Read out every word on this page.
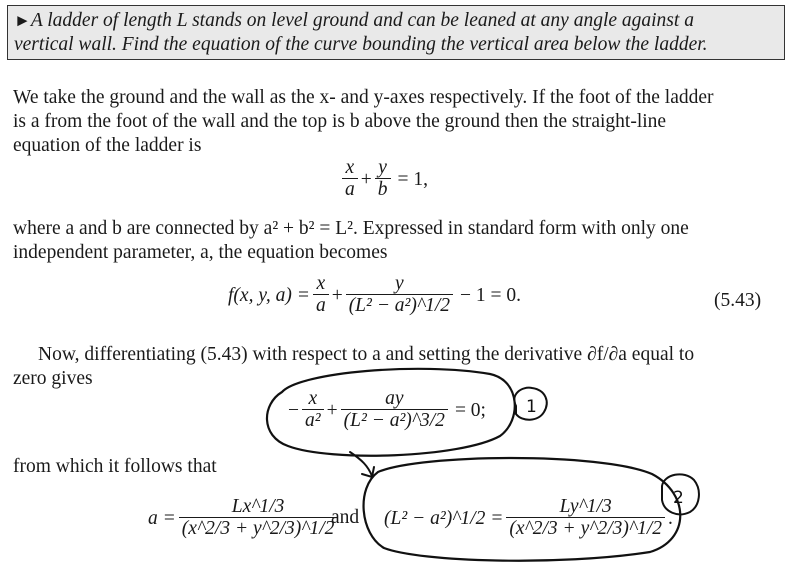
►A ladder of length L stands on level ground and can be leaned at any angle against a
vertical wall. Find the equation of the curve bounding the vertical area below the ladder.
We take the ground and the wall as the x- and y-axes respectively. If the foot of the ladder
is a from the foot of the wall and the top is b above the ground then the straight-line
equation of the ladder is
$\frac{x}{a} + \frac{y}{b} = 1$,
where a and b are connected by a² + b² = L². Expressed in standard form with only one
independent parameter, a, the equation becomes
f(x, y, $a) = \frac{x}{a} + \frac{y}{\text{(L² − a²)\textasciicircum{}1/2}} - 1 = 0$.	(5.43)
Now, differentiating (5.43) with respect to a and setting the derivative ∂f/∂a equal to
zero gives
− $\frac{x}{\text{a²}} + \frac{ay}{\text{(L² − a²)\textasciicircum{}3/2}} = 0$;
from which it follows that
$a = \frac{Lx\^{}1/3}{(x\^{}2/3 + y\^{}2/3)\^{}1/2}$
and (L² − a²)^1/2 = $\frac{Ly\^{}1/3}{(x\^{}2/3 + y\^{}2/3)\^{}1/2}$ .
1
2
